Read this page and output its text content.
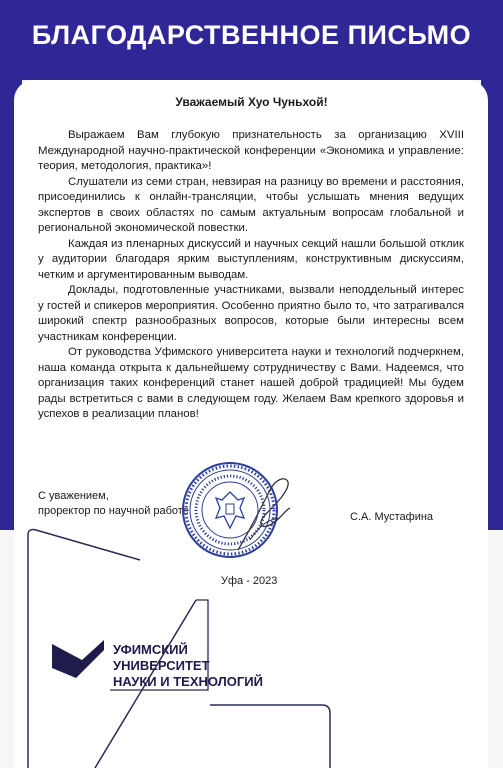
БЛАГОДАРСТВЕННОЕ ПИСЬМО
Уважаемый Хуо Чуньхой!

Выражаем Вам глубокую признательность за организацию XVIII Международной научно-практической конференции «Экономика и управление: теория, методология, практика»!

Слушатели из семи стран, невзирая на разницу во времени и расстояния, присоединились к онлайн-трансляции, чтобы услышать мнения ведущих экспертов в своих областях по самым актуальным вопросам глобальной и региональной экономической повестки.

Каждая из пленарных дискуссий и научных секций нашли большой отклик у аудитории благодаря ярким выступлениям, конструктивным дискуссиям, четким и аргументированным выводам.

Доклады, подготовленные участниками, вызвали неподдельный интерес у гостей и спикеров мероприятия. Особенно приятно было то, что затрагивался широкий спектр разнообразных вопросов, которые были интересны всем участникам конференции.

От руководства Уфимского университета науки и технологий подчеркнем, наша команда открыта к дальнейшему сотрудничеству с Вами. Надеемся, что организация таких конференций станет нашей доброй традицией! Мы будем рады встретиться с вами в следующем году. Желаем Вам крепкого здоровья и успехов в реализации планов!

С уважением,
проректор по научной работе
С.А. Мустафина
Уфа - 2023
УФИМСКИЙ
УНИВЕРСИТЕТ
НАУКИ И ТЕХНОЛОГИЙ
